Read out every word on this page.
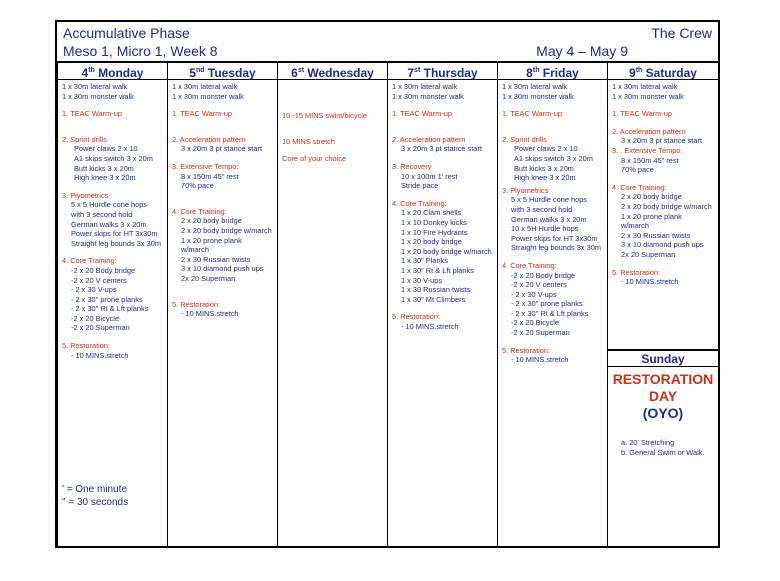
Accumulative Phase
Meso 1, Micro 1, Week 8
The Crew
May 4 – May 9
4th Monday
1 x 30m lateral walk
1 x 30m monster walk
1. TEAC Warm-up
2. Sprint drills
Power claws 2 x 10
A1 skips switch 3 x 20m
Butt kicks 3 x 20m
High knee 3 x 20m
3. Plyometrics
5 x 5 Hurdle cone hops
with 3 second hold
German walks 3 x 20m
Power skips for HT 3x30m
Straight leg bounds 3x 30m
4. Core Training:
-2 x 20 Body bridge
-2 x 20 V centers
- 2 x 30 V-ups
- 2 x 30" prone planks
- 2 x 30" Rt & Lft planks
-2 x 20 Bicycle
-2 x 20 Superman
5. Restoration:
- 10 MINS.stretch
' = One minute
" = 30 seconds
5nd Tuesday
1 x 30m lateral walk
1 x 30m monster walk
1. TEAC Warm-up
2. Acceleration pattern
3 x 20m 3 pt stance start
3. Extensive Tempo:
8 x 150m 45" rest
70% pace
4. Core Training:
2 x 20 body bridge
2 x 20 body bridge w/march
1 x 20 prone plank
w/march
2 x 30 Russian twists
3 x 10 diamond push ups
2x 20 Superman
5. Restoration:
- 10 MINS.stretch
6st Wednesday
10 -15 MINS swim/bicycle
10 MINS stretch
Core of your choice
7st Thursday
1 x 30m lateral walk
1 x 30m monster walk
1. TEAC Warm-up
2. Acceleration pattern
3 x 20m 3 pt stance start
3. Recovery
10 x 100m 1' rest
Stride pace
4. Core Training:
1 x 20 Clam shells
1 x 10 Donkey kicks
1 x 10 Fire Hydrants
1 x 20 body bridge
1 x 20 body bridge w/march
1 x 30" Planks
1 x 30" Rt & Lft planks
1 x 30 V-ups
1 x 30 Russian twists
1 x 30" Mt Climbers
5. Restoration:
- 10 MINS.stretch
8th Friday
1 x 30m lateral walk
1 x 30m monster walk
1. TEAC Warm-up
2. Sprint drills
Power claws 2 x 10
A1 skips switch 3 x 20m
Butt kicks 3 x 20m
High knee 3 x 20m
3. Plyometrics
5 x 5 Hurdle cone hops
with 3 second hold
German walks 3 x 20m
10 x 5H Hurdle hops
Power skips for HT 3x30m
Straight leg bounds 3x 30m
4. Core Training:
-2 x 20 Body bridge
-2 x 20 V centers
- 2 x 30 V-ups
- 2 x 30" prone planks
- 2 x 30" Rt & Lft planks
-2 x 20 Bicycle
-2 x 20 Superman
5. Restoration:
- 10 MINS.stretch
9th Saturday
1 x 30m lateral walk
1 x 30m monster walk
1. TEAC Warm-up
2. Acceleration pattern
3 x 20m 3 pt stance start
3. . Extensive Tempo:
8 x 150m 45" rest
70% pace
4. Core Training:
2 x 20 body bridge
2 x 20 body bridge w/march
1 x 20 prone plank
w/march
2 x 30 Russian twists
3 x 10 diamond push ups
2x 20 Superman
5. Restoration:
- 10 MINS.stretch
Sunday
RESTORATION
DAY
(OYO)
a. 20' Stretching
b. General Swim or Walk.
